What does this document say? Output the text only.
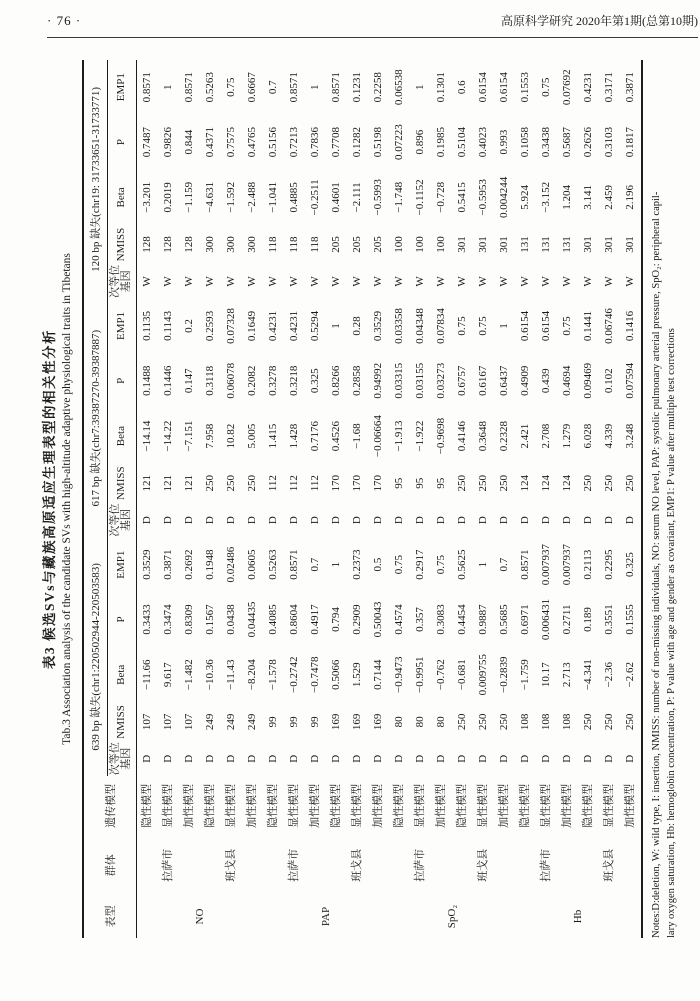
· 76 ·	高原科学研究 2020年第1期(总第10期)
表3 候选SVs与藏族高原适应生理表型的相关性分析 Tab.3 Association analysis of the candidate SVs with high-altitude adaptive physiological traits in Tibetans
表型	群体	遗传模型	639 bp 缺失(chr1:220502944-220503583)					617 bp 缺失(chr7:39387270-39387887)					120 bp 缺失(chr19: 31733651-31733771)				

次等位 基因
	NMISS	Beta	P	EMP1	
次等位 基因
	NMISS	Beta	P	EMP1	
次等位 基因
	NMISS	Beta	P	EMP1
NO	拉萨市	隐性模型	D	107	−11.66	0.3433	0.3529	D	121	−14.14	0.1488	0.1135	W	128	−3.201	0.7487	0.8571
		显性模型	D	107	9.617	0.3474	0.3871	D	121	−14.22	0.1446	0.1143	W	128	0.2019	0.9826	1
		加性模型	D	107	−1.482	0.8309	0.2692	D	121	−7.151	0.147	0.2	W	128	−1.159	0.844	0.8571
	班戈县	隐性模型	D	249	−10.36	0.1567	0.1948	D	250	7.958	0.3118	0.2593	W	300	−4.631	0.4371	0.5263
		显性模型	D	249	−11.43	0.0438	0.02486	D	250	10.82	0.06078	0.07328	W	300	−1.592	0.7575	0.75
		加性模型	D	249	−8.204	0.04435	0.0605	D	250	5.005	0.2082	0.1649	W	300	−2.488	0.4765	0.6667
PAP	拉萨市	隐性模型	D	99	−1.578	0.4085	0.5263	D	112	1.415	0.3278	0.4231	W	118	−1.041	0.5156	0.7
		显性模型	D	99	−0.2742	0.8604	0.8571	D	112	1.428	0.3218	0.4231	W	118	0.4885	0.7213	0.8571
		加性模型	D	99	−0.7478	0.4917	0.7	D	112	0.7176	0.325	0.5294	W	118	−0.2511	0.7836	1
	班戈县	隐性模型	D	169	0.5066	0.794	1	D	170	0.4526	0.8266	1	W	205	0.4601	0.7708	0.8571
		显性模型	D	169	1.529	0.2909	0.2373	D	170	−1.68	0.2858	0.28	W	205	−2.111	0.1282	0.1231
		加性模型	D	169	0.7144	0.50043	0.5	D	170	−0.06664	0.94992	0.3529	W	205	−0.5993	0.5198	0.2258
SpO₂	拉萨市	隐性模型	D	80	−0.9473	0.4574	0.75	D	95	−1.913	0.03315	0.03358	W	100	−1.748	0.07223	0.06538
		显性模型	D	80	−0.9951	0.357	0.2917	D	95	−1.922	0.03155	0.04348	W	100	−0.1152	0.896	1
		加性模型	D	80	−0.762	0.3083	0.75	D	95	−0.9698	0.03273	0.07834	W	100	−0.728	0.1985	0.1301
	班戈县	隐性模型	D	250	−0.681	0.4454	0.5625	D	250	0.4146	0.6757	0.75	W	301	0.5415	0.5104	0.6
		显性模型	D	250	0.009755	0.9887	1	D	250	0.3648	0.6167	0.75	W	301	−0.5953	0.4023	0.6154
		加性模型	D	250	−0.2839	0.5685	0.7	D	250	0.2328	0.6437	1	W	301	0.004244	0.993	0.6154
Hb	拉萨市	隐性模型	D	108	−1.759	0.6971	0.8571	D	124	2.421	0.4909	0.6154	W	131	5.924	0.1058	0.1553
		显性模型	D	108	10.17	0.006431	0.007937	D	124	2.708	0.439	0.6154	W	131	−3.152	0.3438	0.75
		加性模型	D	108	2.713	0.2711	0.007937	D	124	1.279	0.4694	0.75	W	131	1.204	0.5687	0.07692
	班戈县	隐性模型	D	250	−4.341	0.189	0.2113	D	250	6.028	0.09469	0.1441	W	301	3.141	0.2626	0.4231
		显性模型	D	250	−2.36	0.3551	0.2295	D	250	4.339	0.102	0.06746	W	301	2.459	0.3103	0.3171
		加性模型	D	250	−2.62	0.1555	0.325	D	250	3.248	0.07594	0.1416	W	301	2.196	0.1817	0.3871
Notes:D:deletion, W: wild type, I: insertion, NMISS: number of non-missing individuals, NO: serum NO level, PAP: systolic pulmonary arterial pressure, SpO₂: peripheral capil- lary oxygen saturation, Hb: hemoglobin concentration, P: P value with age and gender as covariant, EMP1: P value after multiple test corrections
